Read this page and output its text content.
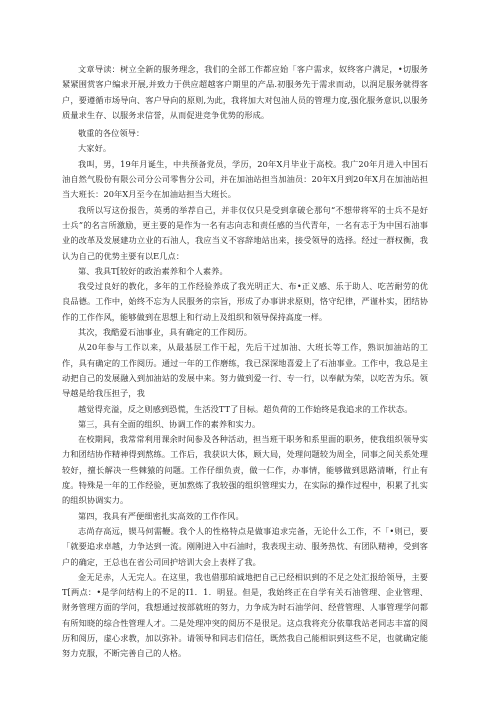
文章导读：树立全新的服务理念，我们的全部工作都应始「客户需求，奴终客户满足，•切服务紧紧围赏客户编求开展,并致力于供应超越客户期里的产品.初服务先于需求而动，以润足服务就得客户，要遵循市场导向、客户导向的原则,为此，我将加大对包油人员的管理力度,强化服务意识,以服务质量求生存、以服务求信誉，从而促进竞争优势的形成。

敬重的各位领导：

大家好。

我叫，男，19年月诞生，中共预备党员，学历，20年X月毕业于高校。我广20年月进入中国石油自然气股份有限公司分公司零售分公司，并在加油站担当加油员：20年X月到20年X月在加油站担当大班长：20年X月至今在加油站担当大班长。

我所以写这份报告，英勇的举荐自己，并非仅仅只是受到拿破仑那句“不想带将军的士兵不是好士兵”的名言所激励，更主要的是作为一名有志向志和责任感的当代青年，一名有志于为中国石油事业的改革及发展建功立业的石油人，我应当义不容辞地站出来，接受领导的选择。经过一群权衡，我认为自己的优势主要有以E几点：

第、我具T[较好的政治素养和个人素养。

我受过良好的教化，多年的工作经验养成了我光明正大、布•正义感、乐于助人、吃苦耐劳的优良品德。工作中，始终不忘为人民服务的宗旨，形成了办事讲求原则，恪守纪律，严谨朴实，团结协作的工作作风，能够做到在思想上和行动上及组织和领导保持高度一样。

其次，我酷爱石油事业，具有确定的工作阅历。

从20年参与工作以来，从最基层工作干起，先后干过加油、大班长等工作，熟识加油站的工作，具有确定的工作阅历。通过一年的工作磨练，我已深深地喜爱上了石油事业。工作中，我总是主动把自己的发展融入到加油站的发展中来。努力做到爱一行、专一行，以奉献为荣，以吃苦为乐。领导越是给我压担子，我

越觉得充溢，反之则感到恐慌，生活没TT了目标。超负荷的工作始终是我追求的工作状态。

第三，具有全面的组织、协调工作的素养和实力。

在校期间，我常常利用课余时间参及各种活动，担当班干职务和系里面的职务，使我组织领导实力和团结协作精神得到熬练。工作后，我获识大体，顾大局，处理问题较为周全，同事之间关系处理较好，擅长解决一些棘猿的问题。工作仔细负责，做一仁作，办事情，能够做到思路清晰，行止有度。特殊是一年的工作经验，更加熬炼了我较强的组织管理实力，在实际的操作过程中，积累了扎实的组织协调实力。

第四，我具有严便细密扎实高效的工作作风。

志尚存高远，锲马何需鞭。我个人的性格特点是做事追求完备，无论什么工作，不「•则已，要「就要追求卓越，力争达到一流。刚刚进入中石油时，我表现主动、服务热忱、有团队精神，受到客户的确定，王总也在省公司回护培训大会上表样了我。

金无足赤，人无完人。在这里，我也借那珀诚地把自己已经相识到的不足之处汇报给领导，主要T[两点：•是学问结构上的不足的I1．1．明显。但是，我始终正在自学有关石油管理、企业管理、财务管理方面的学问，我想通过按部就班的努力，力争成为时石油学问、经营管理、人事管理学问都有所知晓的综合性管理人才。二是处理冲突的阅历不是很足。这点我将充分依靠我站老同志丰富的阅历和阅历，虚心求教，加以弥补。请领导和同志们信任，既然我自己能相识到这些不足，也就确定能努力克服，不断完善自己的人格。
